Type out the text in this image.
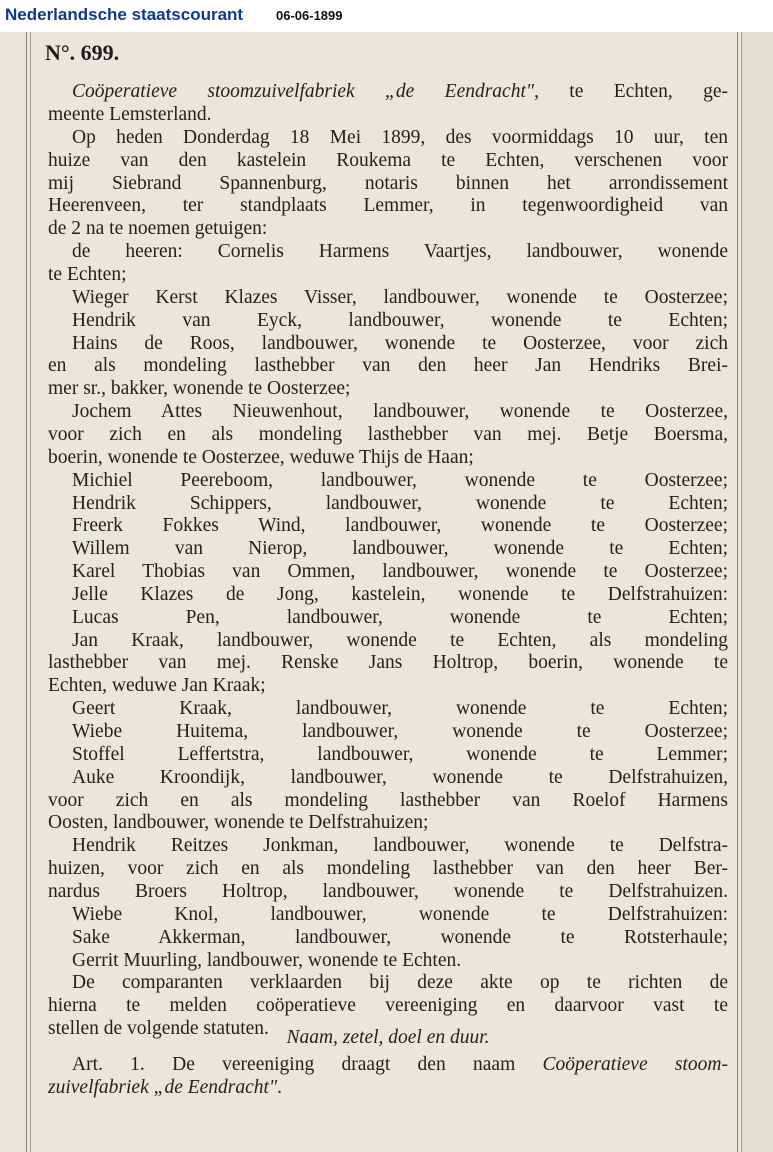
Nederlandsche staatscourant	06-06-1899
N°. 699.
Coöperatieve stoomzuivelfabriek „de Eendracht", te Echten, ge-
meente Lemsterland.
Op heden Donderdag 18 Mei 1899, des voormiddags 10 uur, ten
huize van den kastelein Roukema te Echten, verschenen voor
mij Siebrand Spannenburg, notaris binnen het arrondissement
Heerenveen, ter standplaats Lemmer, in tegenwoordigheid van
de 2 na te noemen getuigen:
de heeren: Cornelis Harmens Vaartjes, landbouwer, wonende
te Echten;
Wieger Kerst Klazes Visser, landbouwer, wonende te Oosterzee;
Hendrik van Eyck, landbouwer, wonende te Echten;
Hains de Roos, landbouwer, wonende te Oosterzee, voor zich
en als mondeling lasthebber van den heer Jan Hendriks Brei-
mer sr., bakker, wonende te Oosterzee;
Jochem Attes Nieuwenhout, landbouwer, wonende te Oosterzee,
voor zich en als mondeling lasthebber van mej. Betje Boersma,
boerin, wonende te Oosterzee, weduwe Thijs de Haan;
Michiel Peereboom, landbouwer, wonende te Oosterzee;
Hendrik Schippers, landbouwer, wonende te Echten;
Freerk Fokkes Wind, landbouwer, wonende te Oosterzee;
Willem van Nierop, landbouwer, wonende te Echten;
Karel Thobias van Ommen, landbouwer, wonende te Oosterzee;
Jelle Klazes de Jong, kastelein, wonende te Delfstrahuizen:
Lucas Pen, landbouwer, wonende te Echten;
Jan Kraak, landbouwer, wonende te Echten, als mondeling
lasthebber van mej. Renske Jans Holtrop, boerin, wonende te
Echten, weduwe Jan Kraak;
Geert Kraak, landbouwer, wonende te Echten;
Wiebe Huitema, landbouwer, wonende te Oosterzee;
Stoffel Leffertstra, landbouwer, wonende te Lemmer;
Auke Kroondijk, landbouwer, wonende te Delfstrahuizen,
voor zich en als mondeling lasthebber van Roelof Harmens
Oosten, landbouwer, wonende te Delfstrahuizen;
Hendrik Reitzes Jonkman, landbouwer, wonende te Delfstra-
huizen, voor zich en als mondeling lasthebber van den heer Ber-
nardus Broers Holtrop, landbouwer, wonende te Delfstrahuizen.
Wiebe Knol, landbouwer, wonende te Delfstrahuizen:
Sake Akkerman, landbouwer, wonende te Rotsterhaule;
Gerrit Muurling, landbouwer, wonende te Echten.
De comparanten verklaarden bij deze akte op te richten de
hierna te melden coöperatieve vereeniging en daarvoor vast te
stellen de volgende statuten. Naam, zetel, doel en duur.
Art. 1. De vereeniging draagt den naam Coöperatieve stoom-
zuivelfabriek „de Eendracht".
